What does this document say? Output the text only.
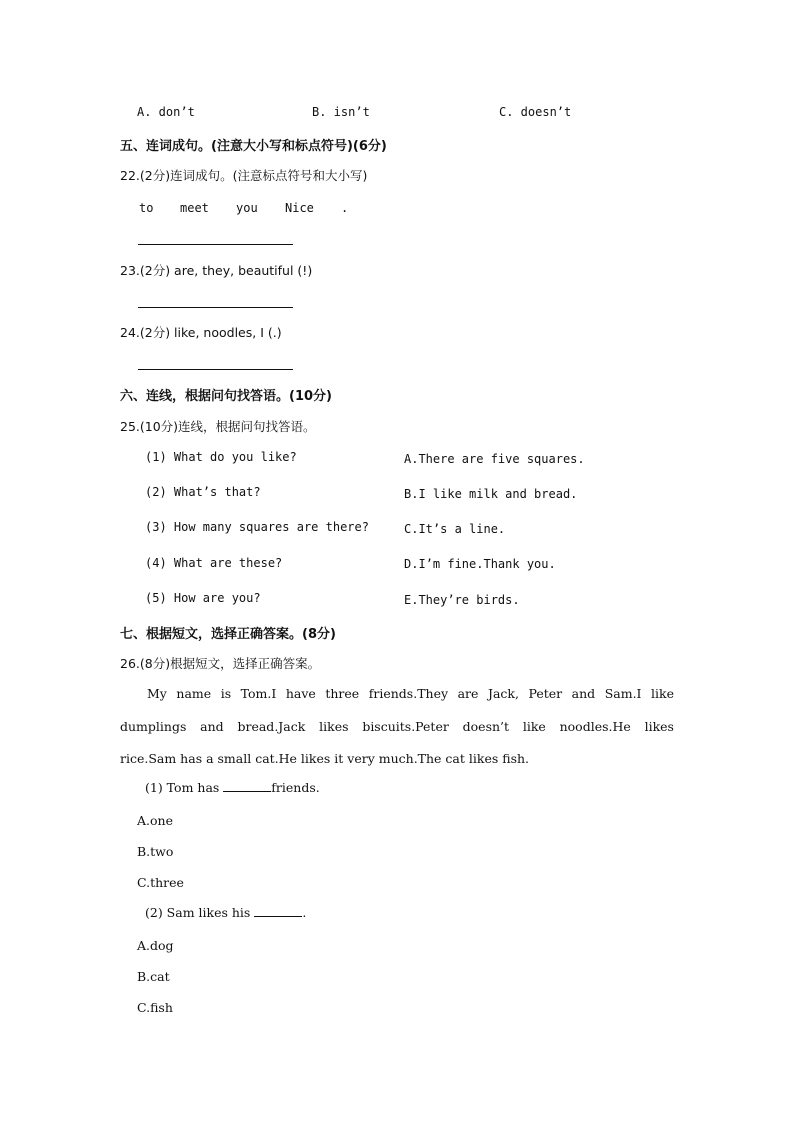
A. don’t	B. isn’t	C. doesn’t
五、连词成句。(注意大小写和标点符号)(6分)
22.(2分)连词成句。(注意标点符号和大小写)
to meet you Nice .
23.(2分) are, they, beautiful (!)
24.(2分) like, noodles, I (.)
六、连线，根据问句找答语。(10分)
25.(10分)连线，根据问句找答语。
(1) What do you like?
(2) What’s that?
(3) How many squares are there?
(4) What are these?
(5) How are you?
A.There are five squares.
B.I like milk and bread.
C.It’s a line.
D.I’m fine.Thank you.
E.They’re birds.
七、根据短文，选择正确答案。(8分)
26.(8分)根据短文，选择正确答案。
My name is Tom.I have three friends.They are Jack, Peter and Sam.I like
dumplings and bread.Jack likes biscuits.Peter doesn’t like noodles.He likes
rice.Sam has a small cat.He likes it very much.The cat likes fish.
(1) Tom has	friends.
A.one
B.two
C.three
(2) Sam likes his	.
A.dog
B.cat
C.fish
